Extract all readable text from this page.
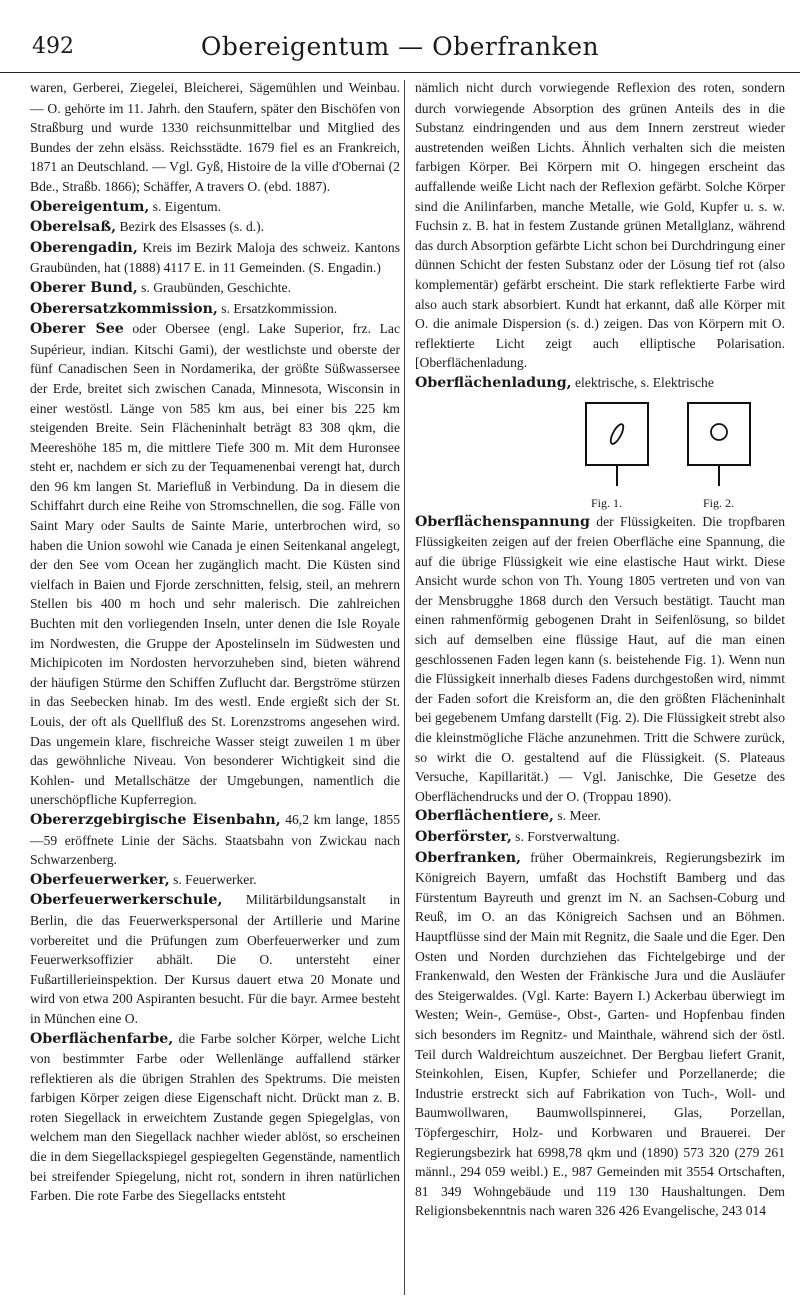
492	Obereigentum — Oberfranken

waren, Gerberei, Ziegelei, Bleicherei, Sägemühlen und Weinbau. — O. gehörte im 11. Jahrh. den Staufern, später den Bischöfen von Straßburg und wurde 1330 reichsunmittelbar und Mitglied des Bundes der zehn elsäss. Reichsstädte. 1679 fiel es an Frankreich, 1871 an Deutschland. — Vgl. Gyß, Histoire de la ville d'Obernai (2 Bde., Straßb. 1866); Schäffer, A travers O. (ebd. 1887).

Obereigentum, s. Eigentum.

Oberelsaß, Bezirk des Elsasses (s. d.).

Oberengadin, Kreis im Bezirk Maloja des schweiz. Kantons Graubünden, hat (1888) 4117 E. in 11 Gemeinden. (S. Engadin.)

Oberer Bund, s. Graubünden, Geschichte.

Oberersatzkommission, s. Ersatzkommission.

Oberer See oder Obersee (engl. Lake Superior, frz. Lac Supérieur, indian. Kitschi Gami), der westlichste und oberste der fünf Canadischen Seen in Nordamerika, der größte Süßwassersee der Erde, breitet sich zwischen Canada, Minnesota, Wisconsin in einer westöstl. Länge von 585 km aus, bei einer bis 225 km steigenden Breite. Sein Flächeninhalt beträgt 83 308 qkm, die Meereshöhe 185 m, die mittlere Tiefe 300 m. Mit dem Huronsee steht er, nachdem er sich zu der Tequamenenbai verengt hat, durch den 96 km langen St. Mariefluß in Verbindung. Da in diesem die Schiffahrt durch eine Reihe von Stromschnellen, die sog. Fälle von Saint Mary oder Saults de Sainte Marie, unterbrochen wird, so haben die Union sowohl wie Canada je einen Seitenkanal angelegt, der den See vom Ocean her zugänglich macht. Die Küsten sind vielfach in Baien und Fjorde zerschnitten, felsig, steil, an mehrern Stellen bis 400 m hoch und sehr malerisch. Die zahlreichen Buchten mit den vorliegenden Inseln, unter denen die Isle Royale im Nordwesten, die Gruppe der Apostelinseln im Südwesten und Michipicoten im Nordosten hervorzuheben sind, bieten während der häufigen Stürme den Schiffen Zuflucht dar. Bergströme stürzen in das Seebecken hinab. Im des westl. Ende ergießt sich der St. Louis, der oft als Quellfluß des St. Lorenzstroms angesehen wird. Das ungemein klare, fischreiche Wasser steigt zuweilen 1 m über das gewöhnliche Niveau. Von besonderer Wichtigkeit sind die Kohlen- und Metallschätze der Umgebungen, namentlich die unerschöpfliche Kupferregion.

Obererzgebirgische Eisenbahn, 46,2 km lange, 1855—59 eröffnete Linie der Sächs. Staatsbahn von Zwickau nach Schwarzenberg.

Oberfeuerwerker, s. Feuerwerker.

Oberfeuerwerkerschule, Militärbildungsanstalt in Berlin, die das Feuerwerkspersonal der Artillerie und Marine vorbereitet und die Prüfungen zum Oberfeuerwerker und zum Feuerwerksoffizier abhält. Die O. untersteht einer Fußartillerieinspektion. Der Kursus dauert etwa 20 Monate und wird von etwa 200 Aspiranten besucht. Für die bayr. Armee besteht in München eine O.

Oberflächenfarbe, die Farbe solcher Körper, welche Licht von bestimmter Farbe oder Wellenlänge auffallend stärker reflektieren als die übrigen Strahlen des Spektrums. Die meisten farbigen Körper zeigen diese Eigenschaft nicht. Drückt man z. B. roten Siegellack in erweichtem Zustande gegen Spiegelglas, von welchem man den Siegellack nachher wieder ablöst, so erscheinen die in dem Siegellackspiegel gespiegelten Gegenstände, namentlich bei streifender Spiegelung, nicht rot, sondern in ihren natürlichen Farben. Die rote Farbe des Siegellacks entsteht

nämlich nicht durch vorwiegende Reflexion des roten, sondern durch vorwiegende Absorption des grünen Anteils des in die Substanz eindringenden und aus dem Innern zerstreut wieder austretenden weißen Lichts. Ähnlich verhalten sich die meisten farbigen Körper. Bei Körpern mit O. hingegen erscheint das auffallende weiße Licht nach der Reflexion gefärbt. Solche Körper sind die Anilinfarben, manche Metalle, wie Gold, Kupfer u. s. w. Fuchsin z. B. hat in festem Zustande grünen Metallglanz, während das durch Absorption gefärbte Licht schon bei Durchdringung einer dünnen Schicht der festen Substanz oder der Lösung tief rot (also komplementär) gefärbt erscheint. Die stark reflektierte Farbe wird also auch stark absorbiert. Kundt hat erkannt, daß alle Körper mit O. die animale Dispersion (s. d.) zeigen. Das von Körpern mit O. reflektierte Licht zeigt auch elliptische Polarisation. [Oberflächenladung.

Oberflächenladung, elektrische, s. Elektrische

Fig. 1.	Fig. 2.
Oberflächenspannung der Flüssigkeiten. Die tropfbaren Flüssigkeiten zeigen auf der freien Oberfläche eine Spannung, die auf die übrige Flüssigkeit wie eine elastische Haut wirkt. Diese Ansicht wurde schon von Th. Young 1805 vertreten und von van der Mensbrugghe 1868 durch den Versuch bestätigt. Taucht man einen rahmenförmig gebogenen Draht in Seifenlösung, so bildet sich auf demselben eine flüssige Haut, auf die man einen geschlossenen Faden legen kann (s. beistehende Fig. 1). Wenn nun die Flüssigkeit innerhalb dieses Fadens durchgestoßen wird, nimmt der Faden sofort die Kreisform an, die den größten Flächeninhalt bei gegebenem Umfang darstellt (Fig. 2). Die Flüssigkeit strebt also die kleinstmögliche Fläche anzunehmen. Tritt die Schwere zurück, so wirkt die O. gestaltend auf die Flüssigkeit. (S. Plateaus Versuche, Kapillarität.) — Vgl. Janischke, Die Gesetze des Oberflächendrucks und der O. (Troppau 1890).

Oberflächentiere, s. Meer.

Oberförster, s. Forstverwaltung.

Oberfranken, früher Obermainkreis, Regierungsbezirk im Königreich Bayern, umfaßt das Hochstift Bamberg und das Fürstentum Bayreuth und grenzt im N. an Sachsen-Coburg und Reuß, im O. an das Königreich Sachsen und an Böhmen. Hauptflüsse sind der Main mit Regnitz, die Saale und die Eger. Den Osten und Norden durchziehen das Fichtelgebirge und der Frankenwald, den Westen der Fränkische Jura und die Ausläufer des Steigerwaldes. (Vgl. Karte: Bayern I.) Ackerbau überwiegt im Westen; Wein-, Gemüse-, Obst-, Garten- und Hopfenbau finden sich besonders im Regnitz- und Mainthale, während sich der östl. Teil durch Waldreichtum auszeichnet. Der Bergbau liefert Granit, Steinkohlen, Eisen, Kupfer, Schiefer und Porzellanerde; die Industrie erstreckt sich auf Fabrikation von Tuch-, Woll- und Baumwollwaren, Baumwollspinnerei, Glas, Porzellan, Töpfergeschirr, Holz- und Korbwaren und Brauerei. Der Regierungsbezirk hat 6998,78 qkm und (1890) 573 320 (279 261 männl., 294 059 weibl.) E., 987 Gemeinden mit 3554 Ortschaften, 81 349 Wohngebäude und 119 130 Haushaltungen. Dem Religionsbekenntnis nach waren 326 426 Evangelische, 243 014
